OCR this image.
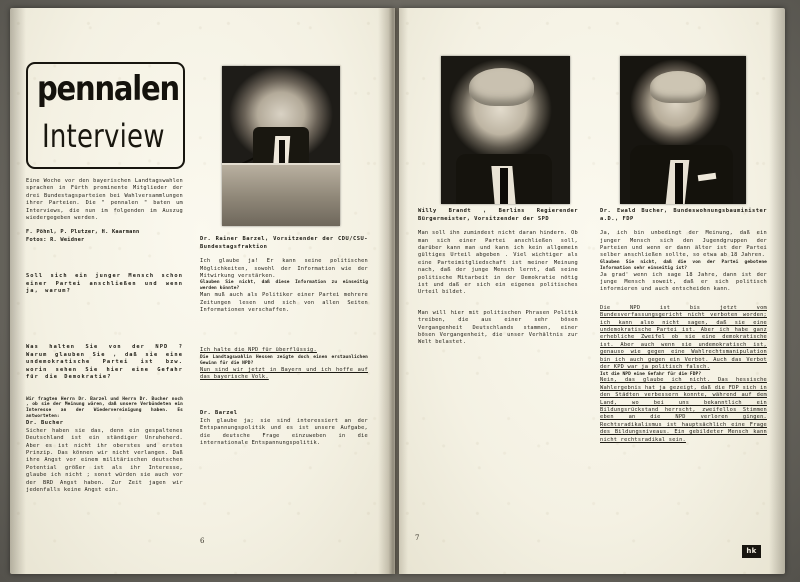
pennalen
Interview
Eine Woche vor den bayerischen Landtagswahlen sprachen in Fürth prominente Mitglieder der drei Bundestagsparteien bei Wahlversammlungen ihrer Parteien. Die " pennalen " baten um Interviews, die nun im folgenden im Auszug wiedergegeben werden.
F. Pöhnl, P. Plutzer, H. Kaarmann
Fotos: R. Weidner
Soll sich ein junger Mensch schon einer Partei anschließen und wenn ja, warum?
Was halten Sie von der NPD ? Warum glauben Sie , daß sie eine undemokratische Partei ist bzw. worin sehen Sie hier eine Gefahr für die Demokratie?
Wir fragten Herrn Dr. Barzel und Herrn Dr. Bucher noch , ob sie der Meinung wären, daß unsere Verbündeten ein Interesse an der Wiedervereinigung haben. Es antworteten:
Dr. Bucher
Sicher haben sie das, denn ein gespaltenes Deutschland ist ein ständiger Unruheherd. Aber es ist nicht ihr oberstes und erstes Prinzip. Das können wir nicht verlangen. Daß ihre Angst vor einem militärischen deutschen Potential größer ist als ihr Interesse, glaube ich nicht ; sonst würden sie auch vor der BRD Angst haben. Zur Zeit jagen wir jedenfalls keine Angst ein.
Dr. Rainer Barzel, Vorsitzender der CDU/CSU-Bundestagsfraktion
Ich glaube ja! Er kann seine politischen Möglichkeiten, sowohl der Information wie der Mitwirkung verstärken.
Glauben Sie nicht, daß diese Information zu einseitig werden könnte?
Man muß auch als Politiker einer Partei mehrere Zeitungen lesen und sich von allen Seiten Informationen verschaffen.
Ich halte die NPD für überflüssig.
Die Landtagswahlin Hessen zeigte doch einen erstaunlichen Gewinn für die NPD?
Nun sind wir jetzt in Bayern und ich hoffe auf das bayerische Volk.
Dr. Barzel
Ich glaube ja; sie sind interessiert an der Entspannungspolitik und es ist unsere Aufgabe, die deutsche Frage einzuweben in die internationale Entspannungspolitik.
6
Willy Brandt , Berlins Regierender Bürgermeister, Vorsitzender der SPD
Man soll ihn zumindest nicht daran hindern. Ob man sich einer Partei anschließen soll, darüber kann man und kann ich kein allgemein gültiges Urteil abgeben . Viel wichtiger als eine Parteimitgliedschaft ist meiner Meinung nach, daß der junge Mensch lernt, daß seine politische Mitarbeit in der Demokratie nötig ist und daß er sich ein eigenes politisches Urteil bildet.
Man will hier mit politischen Phrasen Politik treiben, die aus einer sehr bösen Vergangenheit Deutschlands stammen, einer bösen Vergangenheit, die unser Verhältnis zur Welt belastet.
Dr. Ewald Bucher, Bundeswohnungsbauminister a.D., FDP
Ja, ich bin unbedingt der Meinung, daß ein junger Mensch sich den Jugendgruppen der Parteien und wenn er dann älter ist der Partei selber anschließen sollte, so etwa ab 18 Jahren.
Glauben Sie nicht, daß die von der Partei gebotene Information sehr einseitig ist?
Ja grad' wenn ich sage 18 Jahre, dann ist der junge Mensch soweit, daß er sich politisch informieren und auch entscheiden kann.
Die NPD ist bis jetzt vom Bundesverfassungsgericht nicht verboten worden; ich kann also nicht sagen, daß sie eine undemokratische Partei ist. Aber ich habe ganz erhebliche Zweifel ob sie eine demokratische ist. Aber auch wenn sie undemokratisch ist, genauso wie gegen eine Wahlrechtsmanipulation bin ich auch gegen ein Verbot. Auch das Verbot der KPD war ja politisch falsch.
Ist die NPD eine Gefahr für die FDP?
Nein, das glaube ich nicht. Das hessische Wahlergebnis hat ja gezeigt, daß die FDP sich in den Städten verbessern konnte, während auf dem Land, wo bei uns bekanntlich ein Bildungsrückstand herrscht, zweifellos Stimmen eben an die NPD verloren gingen. Rechtsradikalismus ist hauptsächlich eine Frage des Bildungsniveaus. Ein gebildeter Mensch kann nicht rechtsradikal sein.
7
hk
